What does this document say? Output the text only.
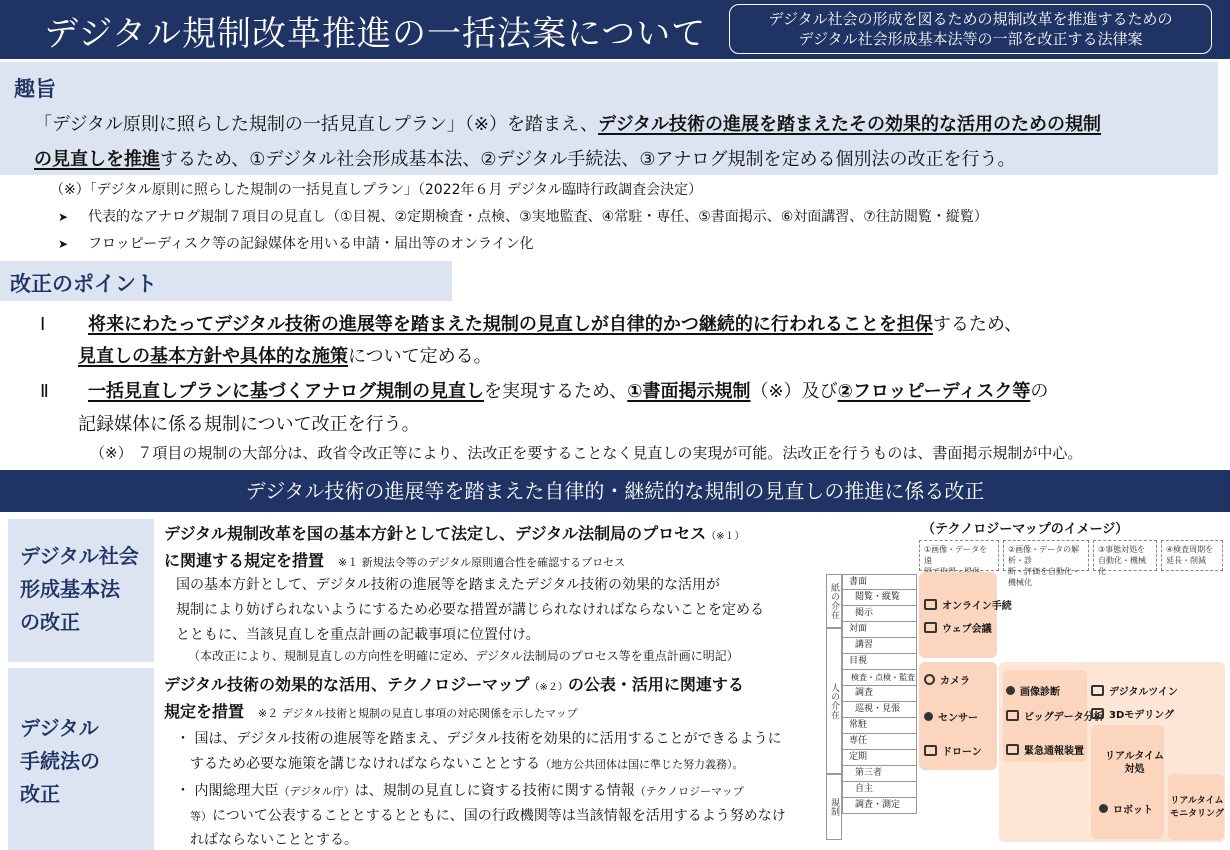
デジタル規制改革推進の一括法案について	デジタル社会の形成を図るための規制改革を推進するための
デジタル社会形成基本法等の一部を改正する法律案
趣旨
「デジタル原則に照らした規制の一括見直しプラン」（※）を踏まえ、デジタル技術の進展を踏まえたその効果的な活用のための規制
の見直しを推進するため、①デジタル社会形成基本法、②デジタル手続法、③アナログ規制を定める個別法の改正を行う。
（※）「デジタル原則に照らした規制の一括見直しプラン」（2022年６月 デジタル臨時行政調査会決定）
➤ 代表的なアナログ規制７項目の見直し（①目視、②定期検査・点検、③実地監査、④常駐・専任、⑤書面掲示、⑥対面講習、⑦往訪閲覧・縦覧）
➤ フロッピーディスク等の記録媒体を用いる申請・届出等のオンライン化
改正のポイント
Ⅰ 将来にわたってデジタル技術の進展等を踏まえた規制の見直しが自律的かつ継続的に行われることを担保するため、
見直しの基本方針や具体的な施策について定める。
Ⅱ 一括見直しプランに基づくアナログ規制の見直しを実現するため、①書面掲示規制（※）及び②フロッピーディスク等の
記録媒体に係る規制について改正を行う。
（※） ７項目の規制の大部分は、政省令改正等により、法改正を要することなく見直しの実現が可能。法改正を行うものは、書面掲示規制が中心。
デジタル技術の進展等を踏まえた自律的・継続的な規制の見直しの推進に係る改正
デジタル社会
形成基本法
の改正
デジタル規制改革を国の基本方針として法定し、デジタル法制局のプロセス（※１）
に関連する規定を措置 ※１ 新規法令等のデジタル原則適合性を確認するプロセス
国の基本方針として、デジタル技術の進展等を踏まえたデジタル技術の効果的な活用が
規制により妨げられないようにするため必要な措置が講じられなければならないことを定める
とともに、当該見直しを重点計画の記載事項に位置付け。
（本改正により、規制見直しの方向性を明確に定め、デジタル法制局のプロセス等を重点計画に明記）
デジタル
手続法の
改正
デジタル技術の効果的な活用、テクノロジーマップ（※２）の公表・活用に関連する
規定を措置 ※２ デジタル技術と規制の見直し事項の対応関係を示したマップ
・ 国は、デジタル技術の進展等を踏まえ、デジタル技術を効果的に活用することができるように
するため必要な施策を講じなければならないこととする（地方公共団体は国に準じた努力義務）。
・ 内閣総理大臣（デジタル庁）は、規制の見直しに資する技術に関する情報（テクノロジーマップ
等）について公表することとするとともに、国の行政機関等は当該情報を活用するよう努めなけ
ればならないこととする。
（テクノロジーマップのイメージ）
①画像・データを遠
②画像・データの解析・診
断・評価を自動化・機械化
③事態対処を
自動化・機械化
④検査周期を
延長・削減
紙の介在
人の介在
規制
書面
閲覧・縦覧
掲示
対面
講習
目視
検査・点検・監査
調査
巡視・見張
常駐
専任
定期
第三者
自主
調査・測定
オンライン手続
ウェブ会議
カメラ
センサー
ドローン
画像診断
ビッグデータ分析
緊急通報装置
デジタルツイン
3Dモデリング
リアルタイム
対処
ロボット
リアルタイム
モニタリング
